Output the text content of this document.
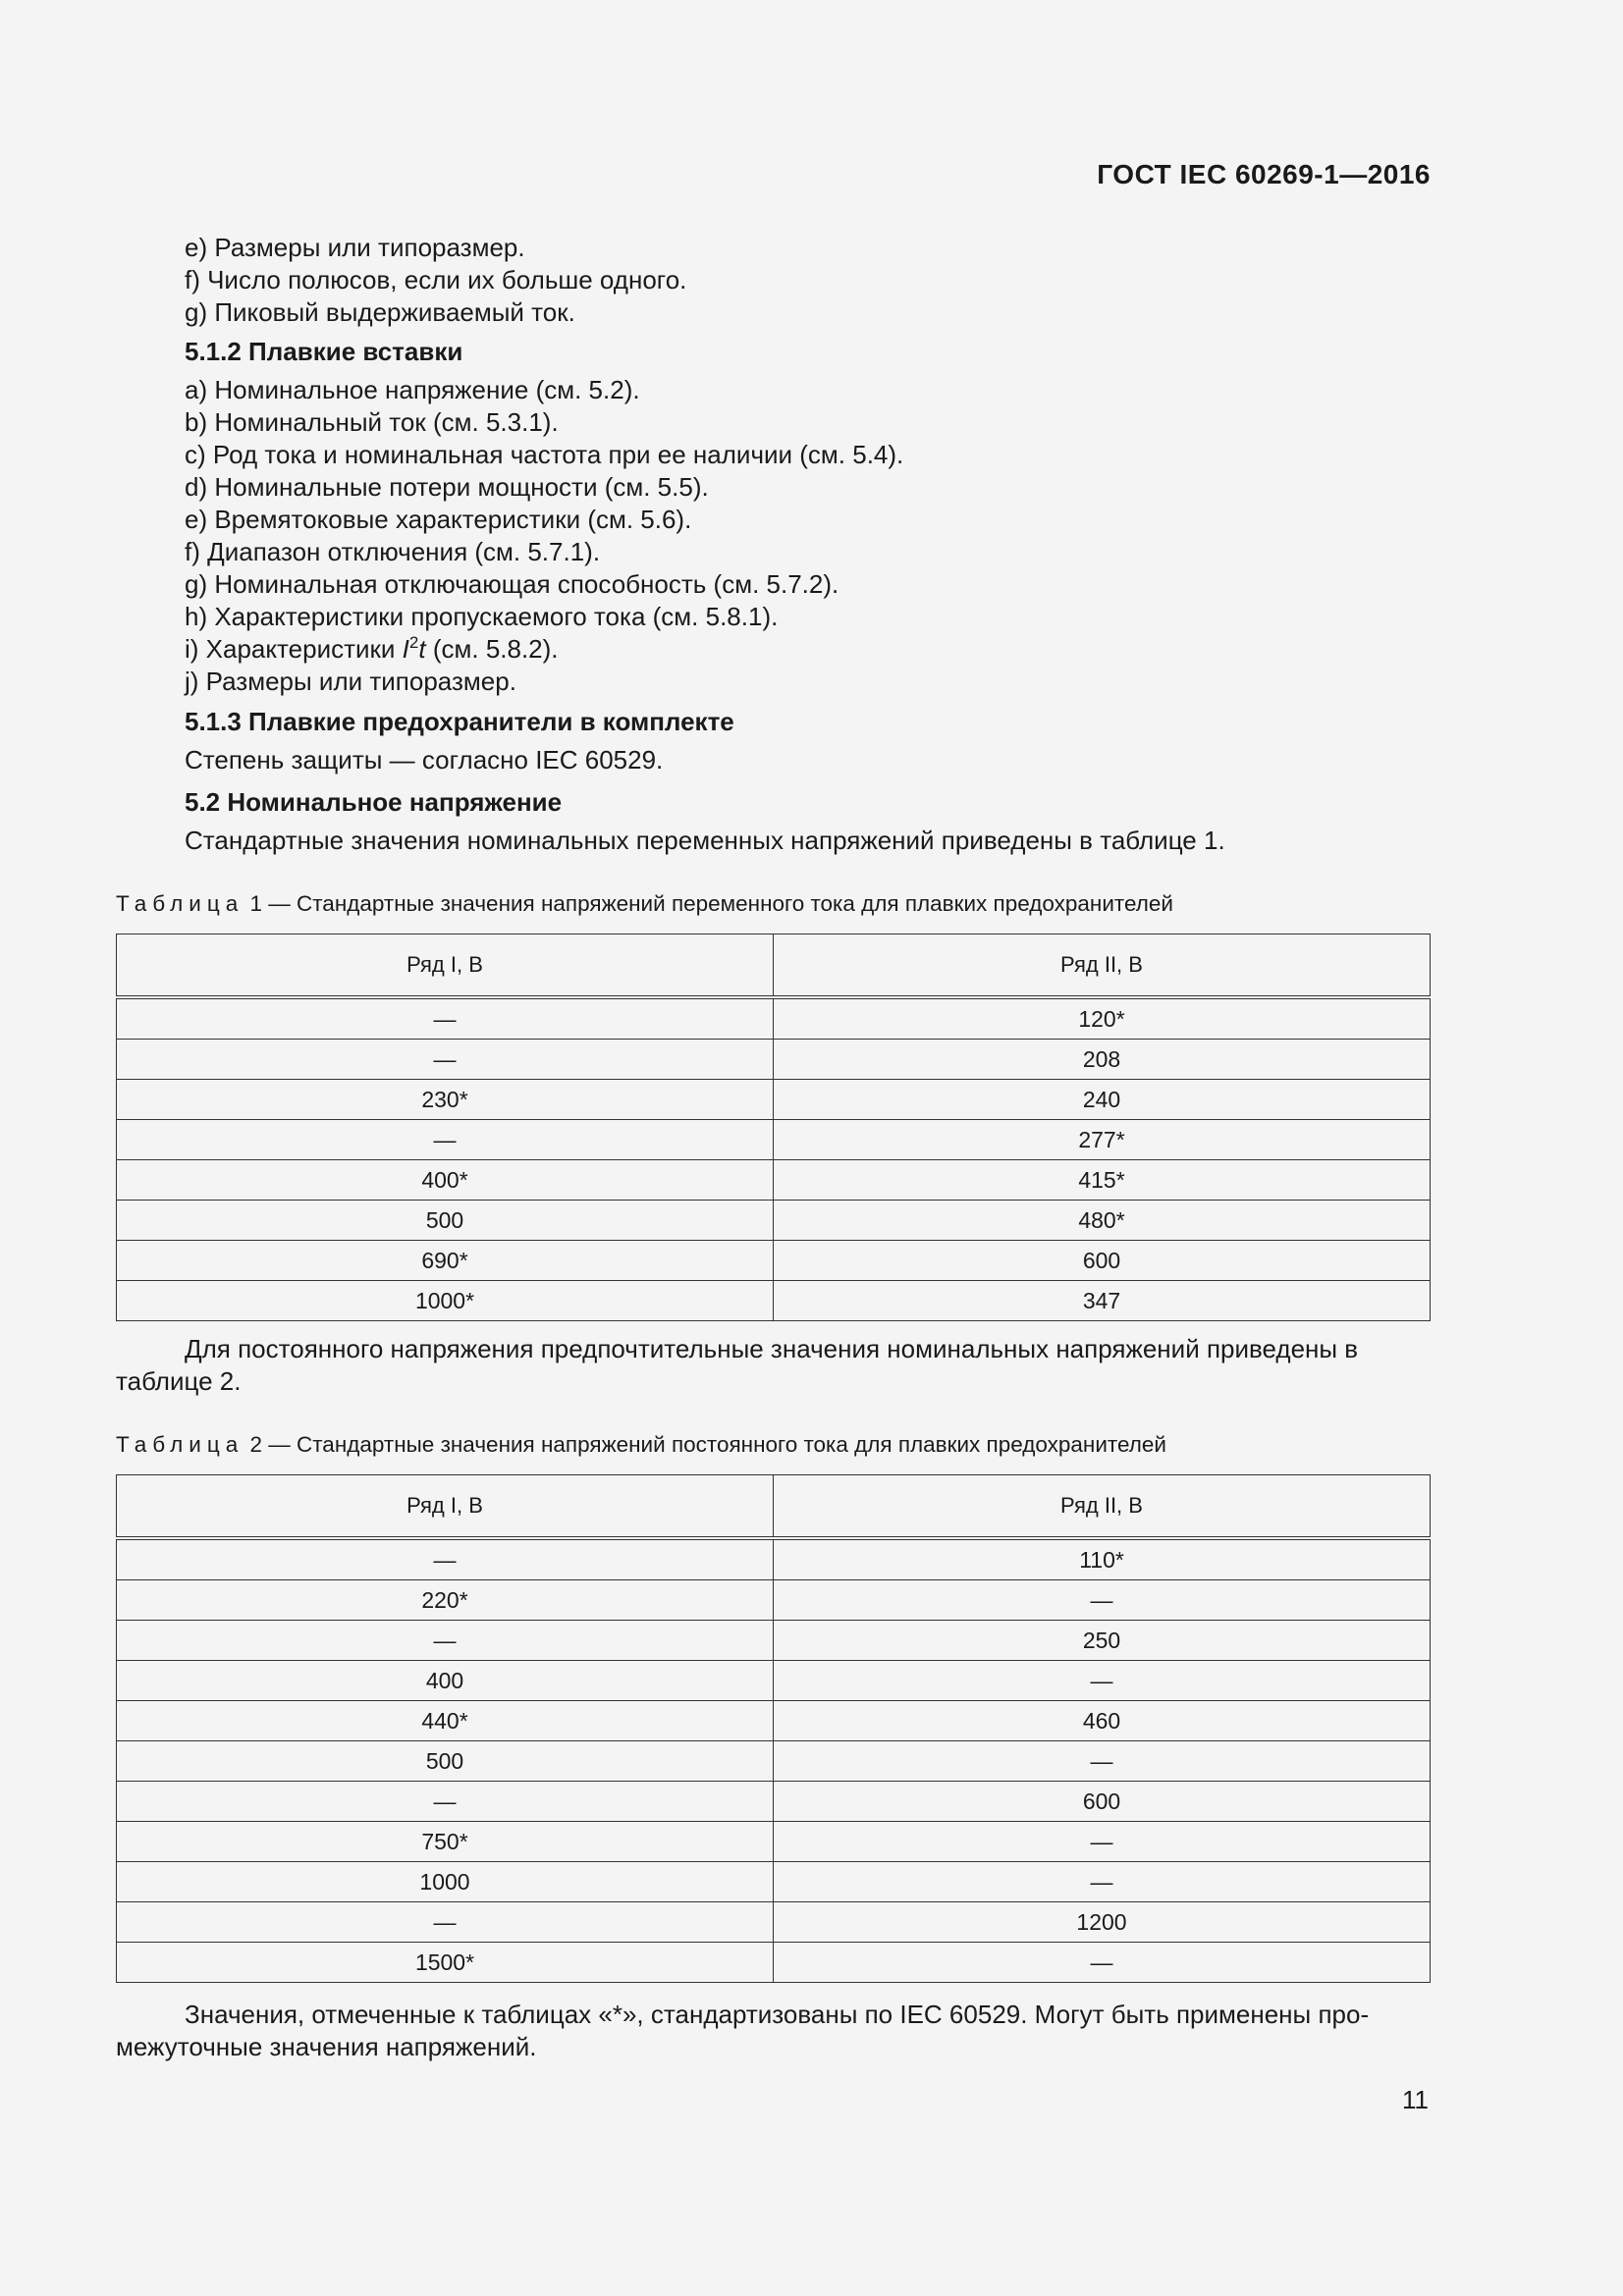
ГОСТ IEC 60269-1—2016
e) Размеры или типоразмер.
f) Число полюсов, если их больше одного.
g) Пиковый выдерживаемый ток.
5.1.2 Плавкие вставки
a) Номинальное напряжение (см. 5.2).
b) Номинальный ток (см. 5.3.1).
c) Род тока и номинальная частота при ее наличии (см. 5.4).
d) Номинальные потери мощности (см. 5.5).
e) Времятоковые характеристики (см. 5.6).
f) Диапазон отключения (см. 5.7.1).
g) Номинальная отключающая способность (см. 5.7.2).
h) Характеристики пропускаемого тока (см. 5.8.1).
i) Характеристики $I^2t$ (см. 5.8.2).
j) Размеры или типоразмер.
5.1.3 Плавкие предохранители в комплекте
Степень защиты — согласно IEC 60529.
5.2 Номинальное напряжение
Стандартные значения номинальных переменных напряжений приведены в таблице 1.
Таблица 1 — Стандартные значения напряжений переменного тока для плавких предохранителей
Ряд I, В	Ряд II, В
—	120*
—	208
230*	240
—	277*
400*	415*
500	480*
690*	600
1000*	347
Для постоянного напряжения предпочтительные значения номинальных напряжений приведены в
таблице 2.
Таблица 2 — Стандартные значения напряжений постоянного тока для плавких предохранителей
Ряд I, В	Ряд II, В
—	110*
220*	—
—	250
400	—
440*	460
500	—
—	600
750*	—
1000	—
—	1200
1500*	—
Значения, отмеченные к таблицах «*», стандартизованы по IEC 60529. Могут быть применены про-
межуточные значения напряжений.
11
